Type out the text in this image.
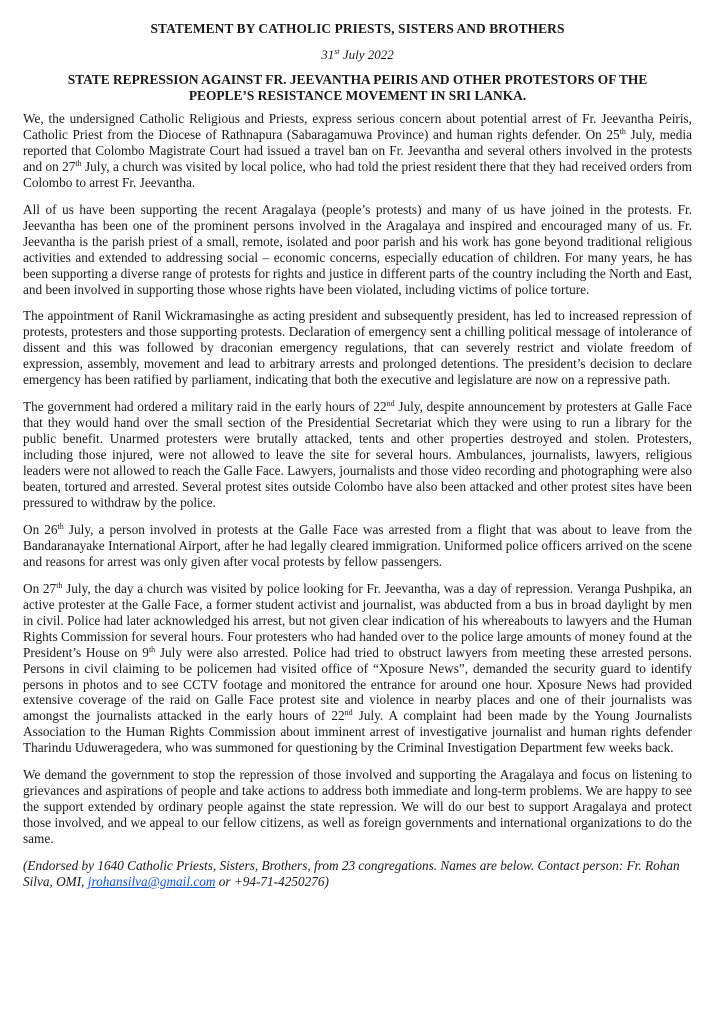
STATEMENT BY CATHOLIC PRIESTS, SISTERS AND BROTHERS
31st July 2022
STATE REPRESSION AGAINST FR. JEEVANTHA PEIRIS AND OTHER PROTESTORS OF THE
PEOPLE’S RESISTANCE MOVEMENT IN SRI LANKA.

We, the undersigned Catholic Religious and Priests, express serious concern about potential arrest of Fr. Jeevantha Peiris, Catholic Priest from the Diocese of Rathnapura (Sabaragamuwa Province) and human rights defender. On 25th July, media reported that Colombo Magistrate Court had issued a travel ban on Fr. Jeevantha and several others involved in the protests and on 27th July, a church was visited by local police, who had told the priest resident there that they had received orders from Colombo to arrest Fr. Jeevantha.

All of us have been supporting the recent Aragalaya (people’s protests) and many of us have joined in the protests. Fr. Jeevantha has been one of the prominent persons involved in the Aragalaya and inspired and encouraged many of us. Fr. Jeevantha is the parish priest of a small, remote, isolated and poor parish and his work has gone beyond traditional religious activities and extended to addressing social – economic concerns, especially education of children. For many years, he has been supporting a diverse range of protests for rights and justice in different parts of the country including the North and East, and been involved in supporting those whose rights have been violated, including victims of police torture.

The appointment of Ranil Wickramasinghe as acting president and subsequently president, has led to increased repression of protests, protesters and those supporting protests. Declaration of emergency sent a chilling political message of intolerance of dissent and this was followed by draconian emergency regulations, that can severely restrict and violate freedom of expression, assembly, movement and lead to arbitrary arrests and prolonged detentions. The president’s decision to declare emergency has been ratified by parliament, indicating that both the executive and legislature are now on a repressive path.

The government had ordered a military raid in the early hours of 22nd July, despite announcement by protesters at Galle Face that they would hand over the small section of the Presidential Secretariat which they were using to run a library for the public benefit. Unarmed protesters were brutally attacked, tents and other properties destroyed and stolen. Protesters, including those injured, were not allowed to leave the site for several hours. Ambulances, journalists, lawyers, religious leaders were not allowed to reach the Galle Face. Lawyers, journalists and those video recording and photographing were also beaten, tortured and arrested. Several protest sites outside Colombo have also been attacked and other protest sites have been pressured to withdraw by the police.

On 26th July, a person involved in protests at the Galle Face was arrested from a flight that was about to leave from the Bandaranayake International Airport, after he had legally cleared immigration. Uniformed police officers arrived on the scene and reasons for arrest was only given after vocal protests by fellow passengers.

On 27th July, the day a church was visited by police looking for Fr. Jeevantha, was a day of repression. Veranga Pushpika, an active protester at the Galle Face, a former student activist and journalist, was abducted from a bus in broad daylight by men in civil. Police had later acknowledged his arrest, but not given clear indication of his whereabouts to lawyers and the Human Rights Commission for several hours. Four protesters who had handed over to the police large amounts of money found at the President’s House on 9th July were also arrested. Police had tried to obstruct lawyers from meeting these arrested persons. Persons in civil claiming to be policemen had visited office of “Xposure News”, demanded the security guard to identify persons in photos and to see CCTV footage and monitored the entrance for around one hour. Xposure News had provided extensive coverage of the raid on Galle Face protest site and violence in nearby places and one of their journalists was amongst the journalists attacked in the early hours of 22nd July. A complaint had been made by the Young Journalists Association to the Human Rights Commission about imminent arrest of investigative journalist and human rights defender Tharindu Uduweragedera, who was summoned for questioning by the Criminal Investigation Department few weeks back.

We demand the government to stop the repression of those involved and supporting the Aragalaya and focus on listening to grievances and aspirations of people and take actions to address both immediate and long-term problems. We are happy to see the support extended by ordinary people against the state repression. We will do our best to support Aragalaya and protect those involved, and we appeal to our fellow citizens, as well as foreign governments and international organizations to do the same.

(Endorsed by 1640 Catholic Priests, Sisters, Brothers, from 23 congregations. Names are below. Contact person: Fr. Rohan Silva, OMI, jrohansilva@gmail.com or +94-71-4250276)
